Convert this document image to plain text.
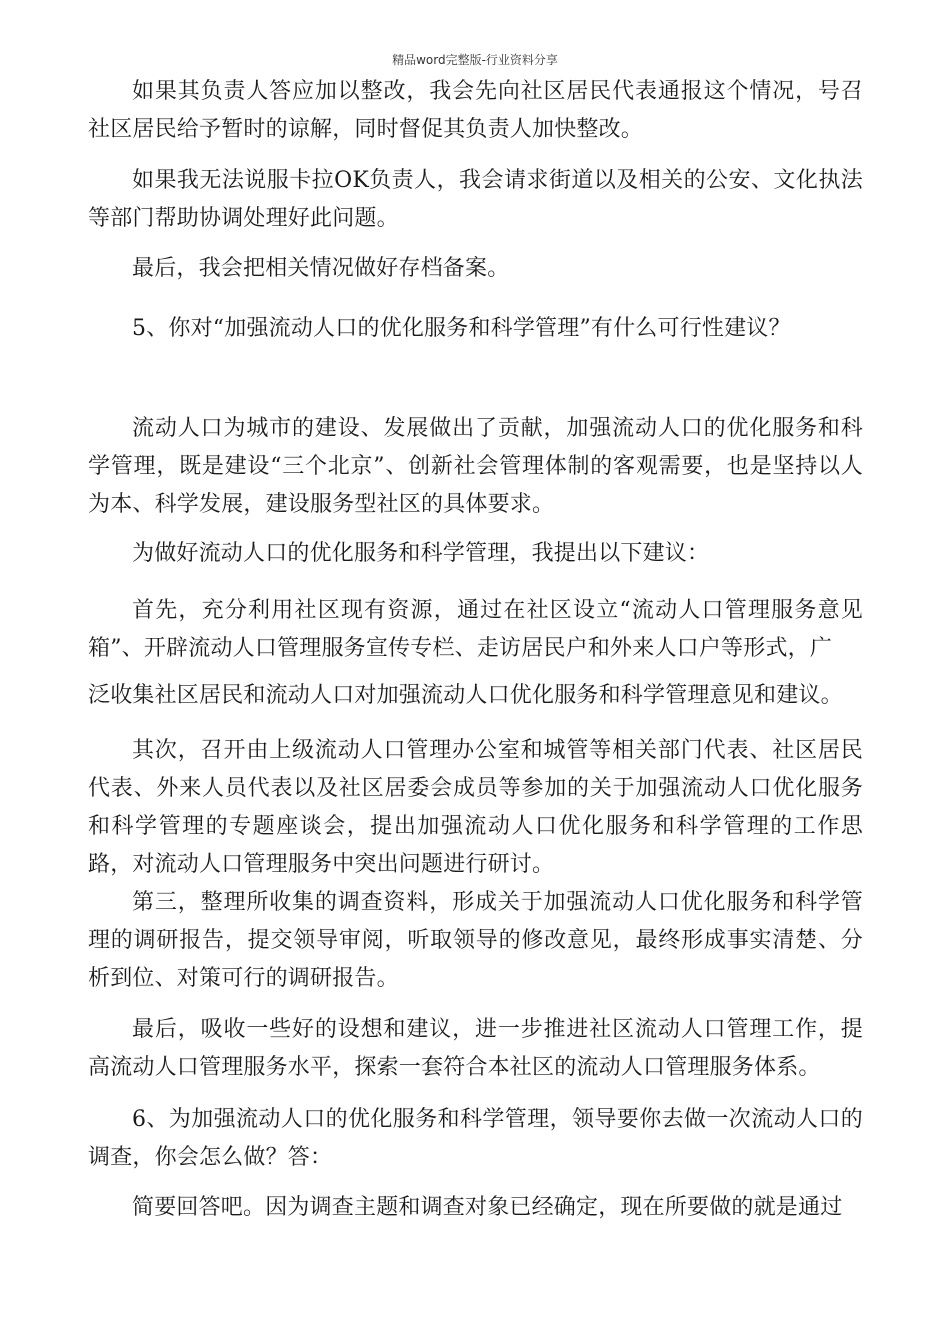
精品word完整版-行业资料分享

如果其负责人答应加以整改，我会先向社区居民代表通报这个情况，号召社区居民给予暂时的谅解，同时督促其负责人加快整改。

如果我无法说服卡拉OK负责人，我会请求街道以及相关的公安、文化执法等部门帮助协调处理好此问题。

最后，我会把相关情况做好存档备案。

5、你对“加强流动人口的优化服务和科学管理”有什么可行性建议？

流动人口为城市的建设、发展做出了贡献，加强流动人口的优化服务和科学管理，既是建设“三个北京”、创新社会管理体制的客观需要，也是坚持以人为本、科学发展，建设服务型社区的具体要求。

为做好流动人口的优化服务和科学管理，我提出以下建议：

首先，充分利用社区现有资源，通过在社区设立“流动人口管理服务意见箱”、开辟流动人口管理服务宣传专栏、走访居民户和外来人口户等形式，广

泛收集社区居民和流动人口对加强流动人口优化服务和科学管理意见和建议。

其次，召开由上级流动人口管理办公室和城管等相关部门代表、社区居民代表、外来人员代表以及社区居委会成员等参加的关于加强流动人口优化服务和科学管理的专题座谈会，提出加强流动人口优化服务和科学管理的工作思路，对流动人口管理服务中突出问题进行研讨。

第三，整理所收集的调查资料，形成关于加强流动人口优化服务和科学管理的调研报告，提交领导审阅，听取领导的修改意见，最终形成事实清楚、分析到位、对策可行的调研报告。

最后，吸收一些好的设想和建议，进一步推进社区流动人口管理工作，提高流动人口管理服务水平，探索一套符合本社区的流动人口管理服务体系。

6、为加强流动人口的优化服务和科学管理，领导要你去做一次流动人口的调查，你会怎么做？答：

简要回答吧。因为调查主题和调查对象已经确定，现在所要做的就是通过
